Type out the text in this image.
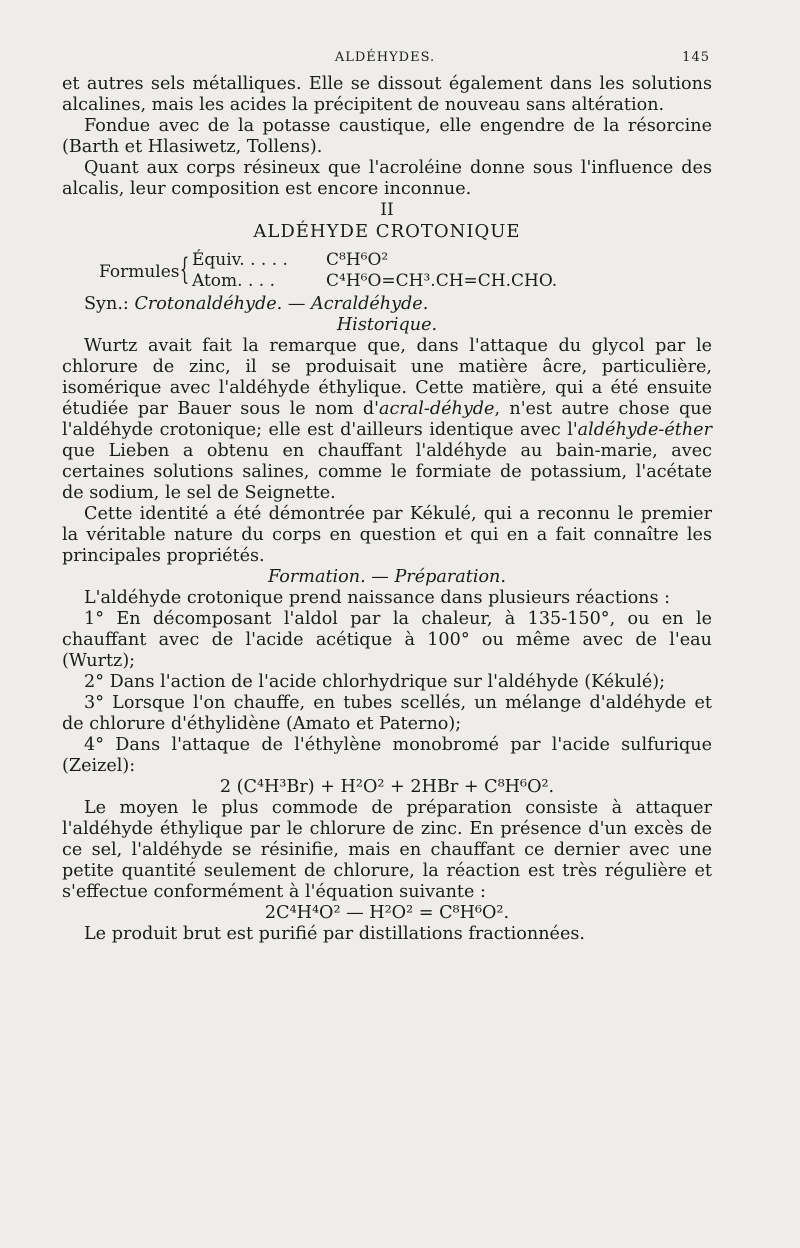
ALDÉHYDES.	145

et autres sels métalliques. Elle se dissout également dans les solutions alcalines, mais les acides la précipitent de nouveau sans altération.

Fondue avec de la potasse caustique, elle engendre de la résorcine (Barth et Hlasiwetz, Tollens).

Quant aux corps résineux que l'acroléine donne sous l'influence des alcalis, leur composition est encore inconnue.

II

ALDÉHYDE CROTONIQUE

Formules { Équiv. . . . . C⁸H⁶O²
Atom. . . .	C⁴H⁶O=CH³.CH=CH.CHO.

Syn.: Crotonaldéhyde. — Acraldéhyde.

Historique.

Wurtz avait fait la remarque que, dans l'attaque du glycol par le chlorure de zinc, il se produisait une matière âcre, particulière, isomérique avec l'aldéhyde éthylique. Cette matière, qui a été ensuite étudiée par Bauer sous le nom d'acral-déhyde, n'est autre chose que l'aldéhyde crotonique; elle est d'ailleurs identique avec l'aldéhyde-éther que Lieben a obtenu en chauffant l'aldéhyde au bain-marie, avec certaines solutions salines, comme le formiate de potassium, l'acétate de sodium, le sel de Seignette.

Cette identité a été démontrée par Kékulé, qui a reconnu le premier la véritable nature du corps en question et qui en a fait connaître les principales propriétés.

Formation. — Préparation.

L'aldéhyde crotonique prend naissance dans plusieurs réactions :

1° En décomposant l'aldol par la chaleur, à 135-150°, ou en le chauffant avec de l'acide acétique à 100° ou même avec de l'eau (Wurtz);

2° Dans l'action de l'acide chlorhydrique sur l'aldéhyde (Kékulé);

3° Lorsque l'on chauffe, en tubes scellés, un mélange d'aldéhyde et de chlorure d'éthylidène (Amato et Paterno);

4° Dans l'attaque de l'éthylène monobromé par l'acide sulfurique (Zeizel):

2 (C⁴H³Br) + H²O² + 2HBr + C⁸H⁶O².

Le moyen le plus commode de préparation consiste à attaquer l'aldéhyde éthylique par le chlorure de zinc. En présence d'un excès de ce sel, l'aldéhyde se résinifie, mais en chauffant ce dernier avec une petite quantité seulement de chlorure, la réaction est très régulière et s'effectue conformément à l'équation suivante :

2C⁴H⁴O² — H²O² = C⁸H⁶O².

Le produit brut est purifié par distillations fractionnées.
